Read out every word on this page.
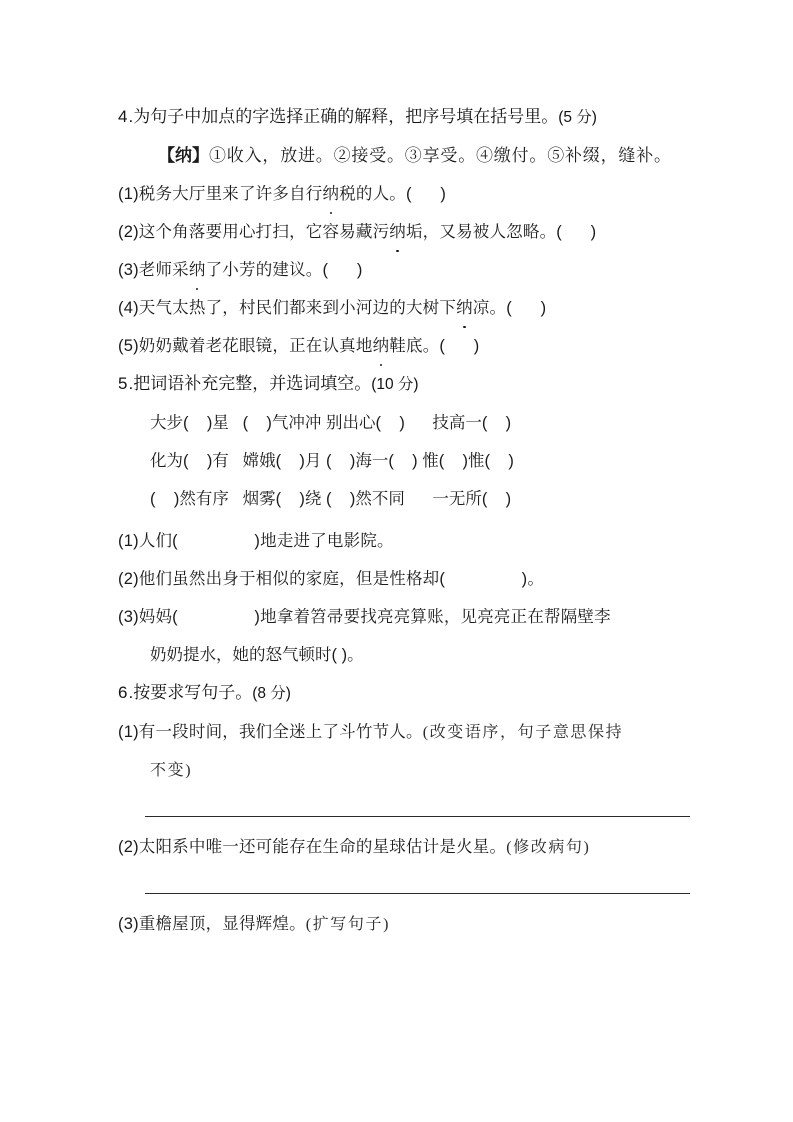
4.为句子中加点的字选择正确的解释，把序号填在括号里。(5 分)
【纳】①收入，放进。②接受。③享受。④缴付。⑤补缀，缝补。
(1)税务大厅里来了许多自行纳税的人。(      )
(2)这个角落要用心打扫，它容易藏污纳垢，又易被人忽略。(      )
(3)老师采纳了小芳的建议。(      )
(4)天气太热了，村民们都来到小河边的大树下纳凉。(      )
(5)奶奶戴着老花眼镜，正在认真地纳鞋底。(      )
5.把词语补充完整，并选词填空。(10 分)
大步(    )星   (    )气冲冲 别出心(    )      技高一(    )
化为(    )有   嫦娥(    )月 (    )海一(    ) 惟(    )惟(    )
(    )然有序   烟雾(    )绕 (    )然不同      一无所(    )
(1)人们(                )地走进了电影院。
(2)他们虽然出身于相似的家庭，但是性格却(                )。
(3)妈妈(                )地拿着笤帚要找亮亮算账，见亮亮正在帮隔壁李
奶奶提水，她的怒气顿时( )。
6.按要求写句子。(8 分)
(1)有一段时间，我们全迷上了斗竹节人。(改变语序，句子意思保持
不变)
(2)太阳系中唯一还可能存在生命的星球估计是火星。(修改病句)
(3)重檐屋顶，显得辉煌。(扩写句子)
